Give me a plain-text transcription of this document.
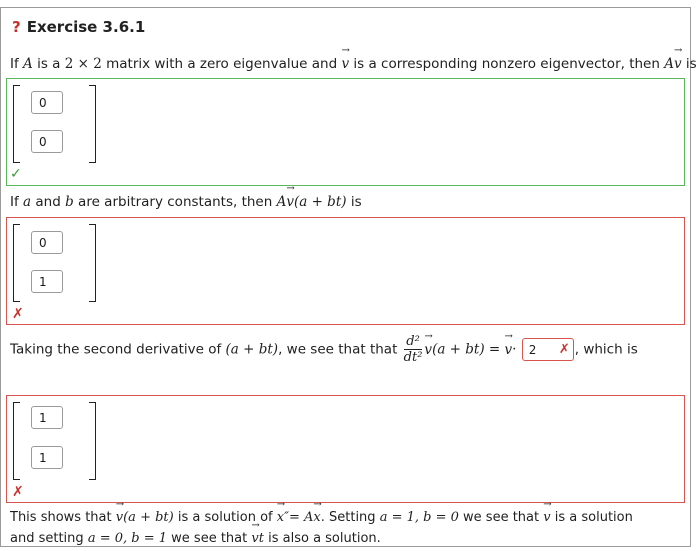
? Exercise 3.6.1
If A is a 2 × 2 matrix with a zero eigenvalue and → v is a corresponding nonzero eigenvector, then A→ v is
0
0
✓
If a and b are arbitrary constants, then A→ v(a + bt) is
0
1
✗
Taking the second derivative of (a + bt), we see that that $\frac{\text{d²}}{\text{dt²}}$
→ v(a + bt) = → v· 2 ✗ , which is
1
1
✗
This shows that → v(a + bt) is a solution of → x″= A→ x. Setting a = 1, b = 0 we see that → v is a solution
and setting a = 0, b = 1 we see that → vt is also a solution.
